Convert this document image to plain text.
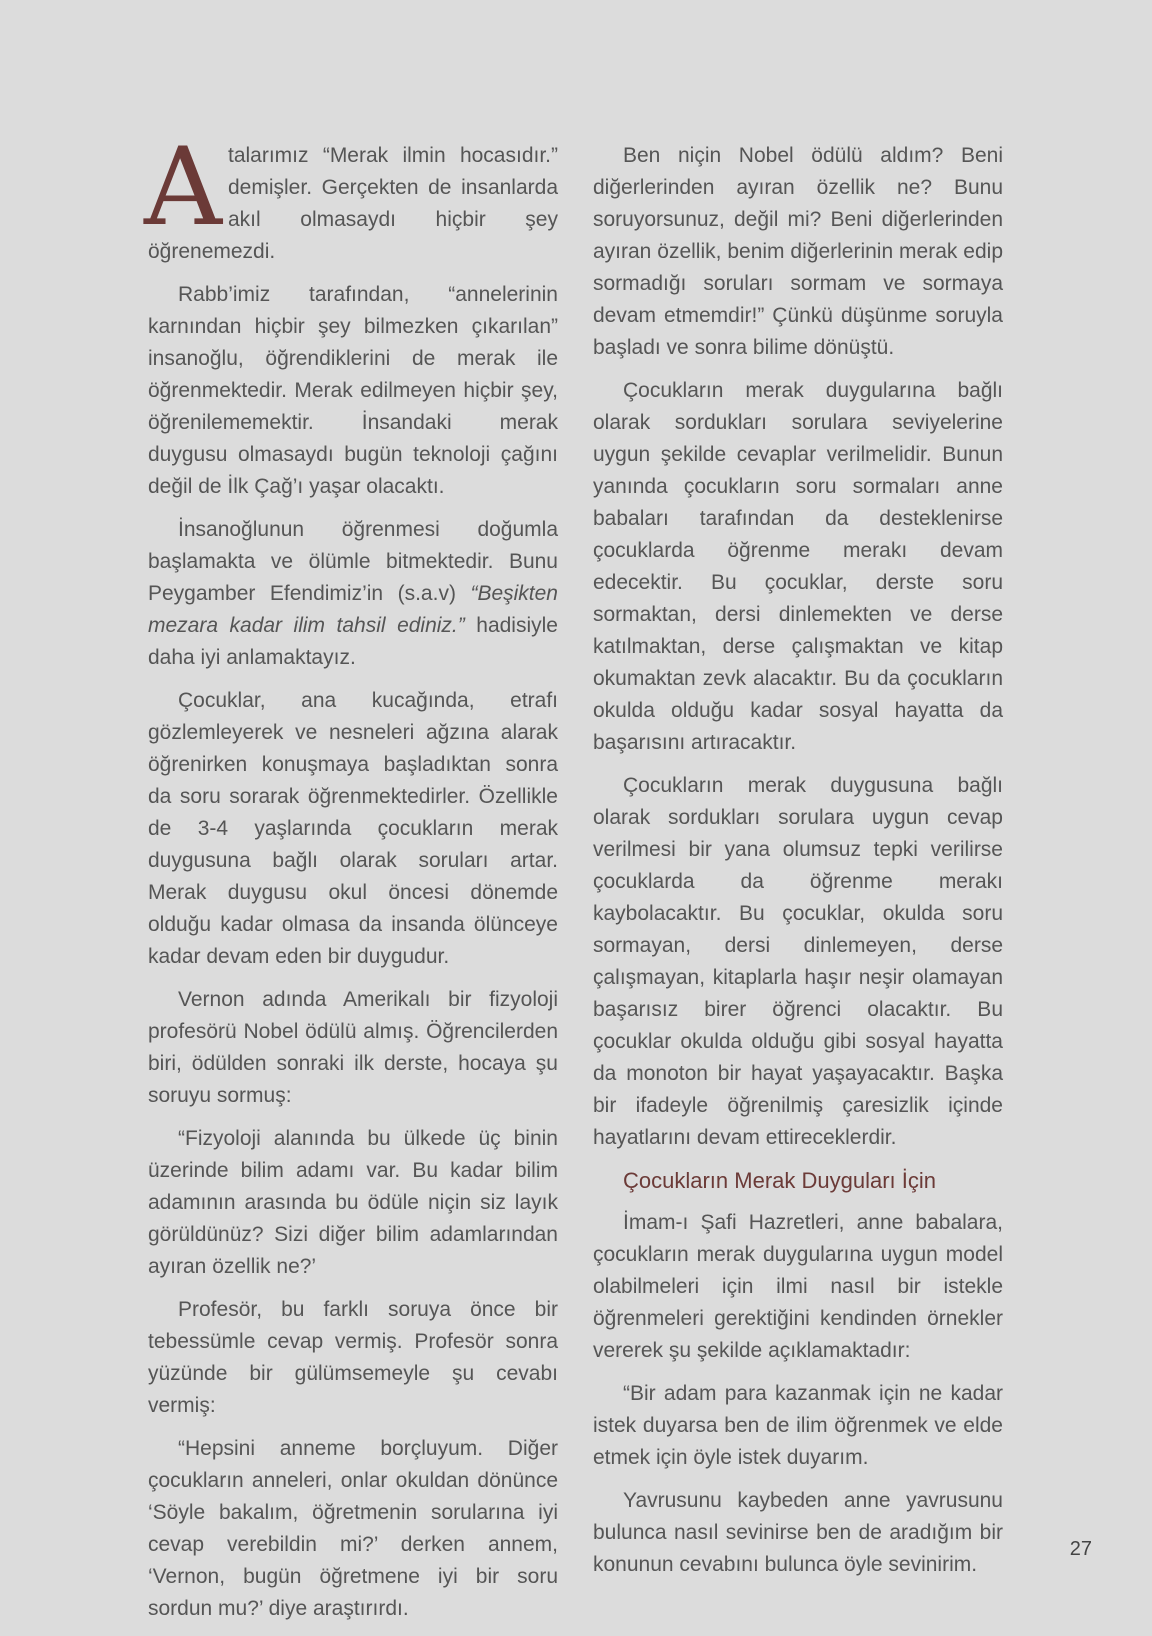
Atalarımız “Merak ilmin hocasıdır.” demişler. Gerçekten de insanlarda akıl olmasaydı hiçbir şey öğrenemezdi.

Rabb’imiz tarafından, “annelerinin karnından hiçbir şey bilmezken çıkarılan” insanoğlu, öğrendiklerini de merak ile öğrenmektedir. Merak edilmeyen hiçbir şey, öğrenilememektir. İnsandaki merak duygusu olmasaydı bugün teknoloji çağını değil de İlk Çağ’ı yaşar olacaktı.

İnsanoğlunun öğrenmesi doğumla başlamakta ve ölümle bitmektedir. Bunu Peygamber Efendimiz’in (s.a.v) “Beşikten mezara kadar ilim tahsil ediniz.” hadisiyle daha iyi anlamaktayız.

Çocuklar, ana kucağında, etrafı gözlemleyerek ve nesneleri ağzına alarak öğrenirken konuşmaya başladıktan sonra da soru sorarak öğrenmektedirler. Özellikle de 3-4 yaşlarında çocukların merak duygusuna bağlı olarak soruları artar. Merak duygusu okul öncesi dönemde olduğu kadar olmasa da insanda ölünceye kadar devam eden bir duygudur.

Vernon adında Amerikalı bir fizyoloji profesörü Nobel ödülü almış. Öğrencilerden biri, ödülden sonraki ilk derste, hocaya şu soruyu sormuş:

“Fizyoloji alanında bu ülkede üç binin üzerinde bilim adamı var. Bu kadar bilim adamının arasında bu ödüle niçin siz layık görüldünüz? Sizi diğer bilim adamlarından ayıran özellik ne?’

Profesör, bu farklı soruya önce bir tebessümle cevap vermiş. Profesör sonra yüzünde bir gülümsemeyle şu cevabı vermiş:

“Hepsini anneme borçluyum. Diğer çocukların anneleri, onlar okuldan dönünce ‘Söyle bakalım, öğretmenin sorularına iyi cevap verebildin mi?’ derken annem, ‘Vernon, bugün öğretmene iyi bir soru sordun mu?’ diye araştırırdı.

Ben niçin Nobel ödülü aldım? Beni diğerlerinden ayıran özellik ne? Bunu soruyorsunuz, değil mi? Beni diğerlerinden ayıran özellik, benim diğerlerinin merak edip sormadığı soruları sormam ve sormaya devam etmemdir!” Çünkü düşünme soruyla başladı ve sonra bilime dönüştü.

Çocukların merak duygularına bağlı olarak sordukları sorulara seviyelerine uygun şekilde cevaplar verilmelidir. Bunun yanında çocukların soru sormaları anne babaları tarafından da desteklenirse çocuklarda öğrenme merakı devam edecektir. Bu çocuklar, derste soru sormaktan, dersi dinlemekten ve derse katılmaktan, derse çalışmaktan ve kitap okumaktan zevk alacaktır. Bu da çocukların okulda olduğu kadar sosyal hayatta da başarısını artıracaktır.

Çocukların merak duygusuna bağlı olarak sordukları sorulara uygun cevap verilmesi bir yana olumsuz tepki verilirse çocuklarda da öğrenme merakı kaybolacaktır. Bu çocuklar, okulda soru sormayan, dersi dinlemeyen, derse çalışmayan, kitaplarla haşır neşir olamayan başarısız birer öğrenci olacaktır. Bu çocuklar okulda olduğu gibi sosyal hayatta da monoton bir hayat yaşayacaktır. Başka bir ifadeyle öğrenilmiş çaresizlik içinde hayatlarını devam ettireceklerdir.

Çocukların Merak Duyguları İçin

İmam-ı Şafi Hazretleri, anne babalara, çocukların merak duygularına uygun model olabilmeleri için ilmi nasıl bir istekle öğrenmeleri gerektiğini kendinden örnekler vererek şu şekilde açıklamaktadır:

“Bir adam para kazanmak için ne kadar istek duyarsa ben de ilim öğrenmek ve elde etmek için öyle istek duyarım.

Yavrusunu kaybeden anne yavrusunu bulunca nasıl sevinirse ben de aradığım bir konunun cevabını bulunca öyle sevinirim.

27
